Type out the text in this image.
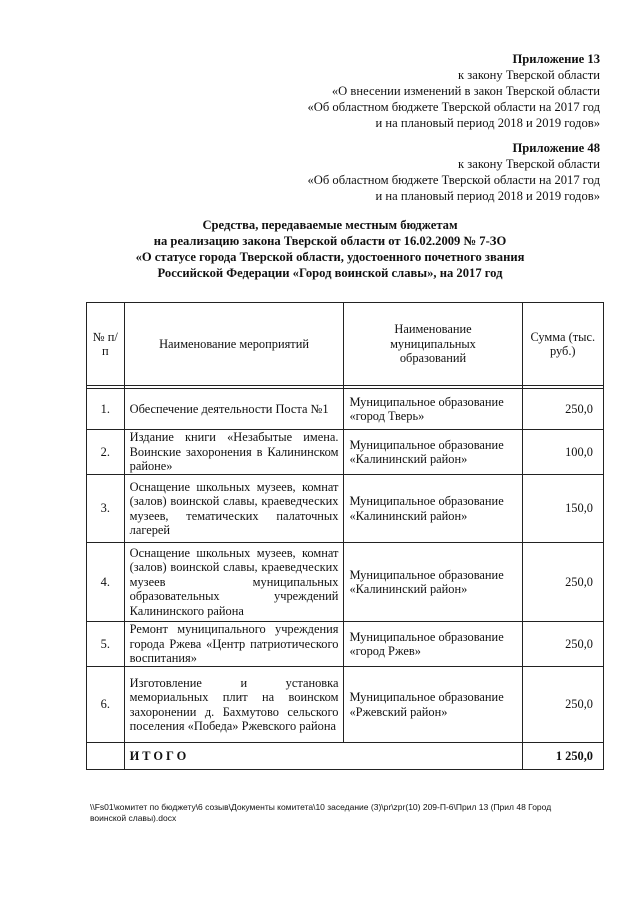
Приложение 13
к закону Тверской области
«О внесении изменений в закон Тверской области
«Об областном бюджете Тверской области на 2017 год
и на плановый период 2018 и 2019 годов»
Приложение 48
к закону Тверской области
«Об областном бюджете Тверской области на 2017 год
и на плановый период 2018 и 2019 годов»
Средства, передаваемые местным бюджетам
на реализацию закона Тверской области от 16.02.2009 № 7-ЗО
«О статусе города Тверской области, удостоенного почетного звания
Российской Федерации «Город воинской славы», на 2017 год
№ п/п	Наименование мероприятий	Наименование муниципальных образований	Сумма (тыс. руб.)

1.	Обеспечение деятельности Поста №1	Муниципальное образование «город Тверь»	250,0
2.	Издание книги «Незабытые имена. Воинские захоронения в Калининском районе»	Муниципальное образование «Калининский район»	100,0
3.	Оснащение школьных музеев, комнат (залов) воинской славы, краеведческих музеев, тематических палаточных лагерей	Муниципальное образование «Калининский район»	150,0
4.	Оснащение школьных музеев, комнат (залов) воинской славы, краеведческих музеев муниципальных образовательных учреждений Калининского района	Муниципальное образование «Калининский район»	250,0
5.	Ремонт муниципального учреждения города Ржева «Центр патриотического воспитания»	Муниципальное образование «город Ржев»	250,0
6.	Изготовление и установка мемориальных плит на воинском захоронении д. Бахмутово сельского поселения «Победа» Ржевского района	Муниципальное образование «Ржевский район»	250,0
	ИТОГО		1 250,0
\\Fs01\комитет по бюджету\6 созыв\Документы комитета\10 заседание (3)\pr\zpr(10) 209-П-6\Прил 13 (Прил 48 Город воинской славы).docx
